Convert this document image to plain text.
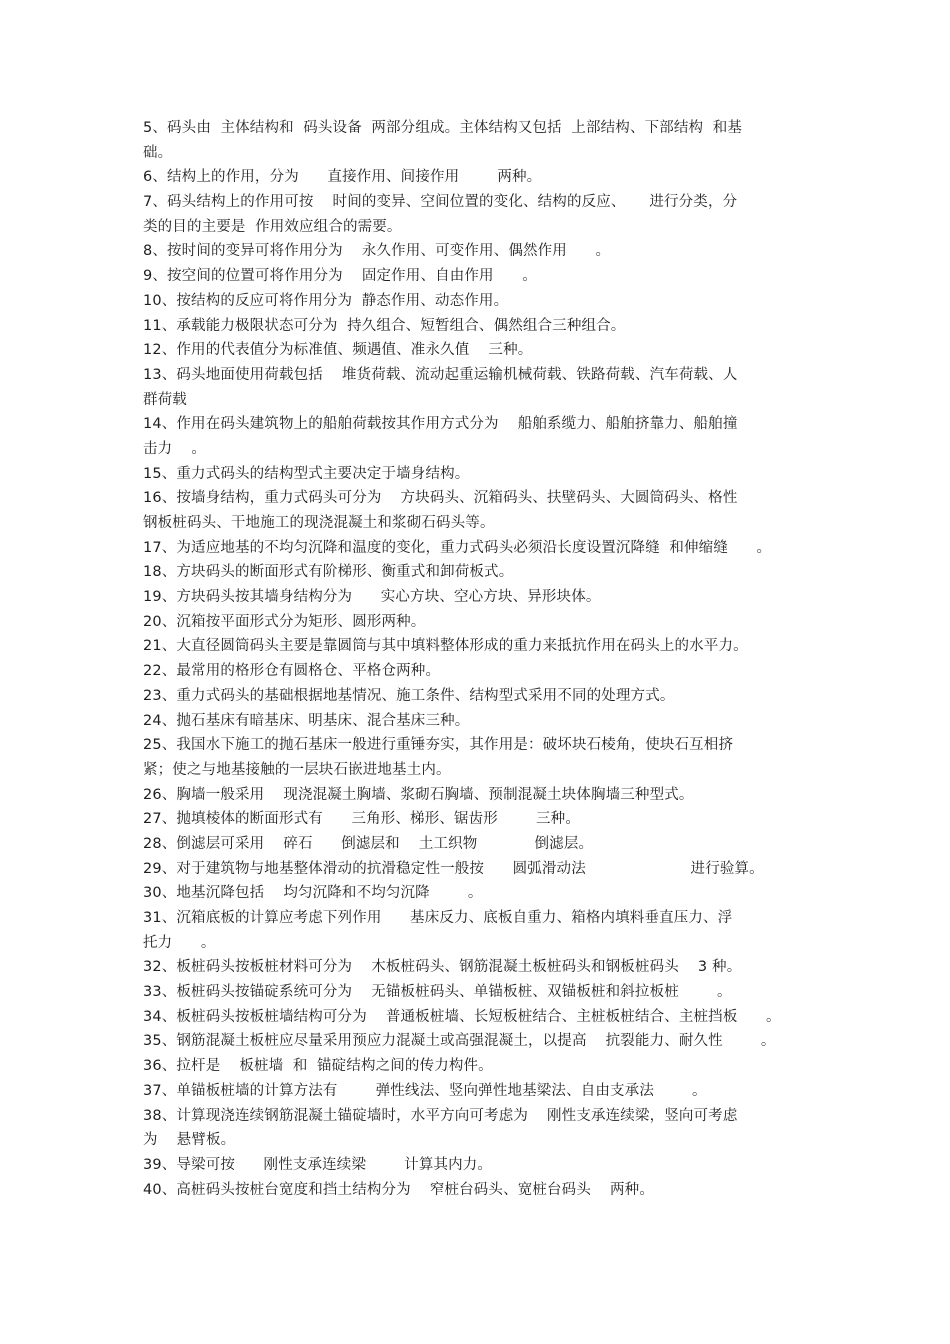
5、码头由  主体结构和  码头设备  两部分组成。主体结构又包括  上部结构、下部结构  和基
础。
6、结构上的作用，分为      直接作用、间接作用        两种。
7、码头结构上的作用可按    时间的变异、空间位置的变化、结构的反应、     进行分类，分
类的目的主要是  作用效应组合的需要。
8、按时间的变异可将作用分为    永久作用、可变作用、偶然作用      。
9、按空间的位置可将作用分为    固定作用、自由作用      。
10、按结构的反应可将作用分为  静态作用、动态作用。
11、承载能力极限状态可分为  持久组合、短暂组合、偶然组合三种组合。
12、作用的代表值分为标准值、频遇值、准永久值    三种。
13、码头地面使用荷载包括    堆货荷载、流动起重运输机械荷载、铁路荷载、汽车荷载、人
群荷载
14、作用在码头建筑物上的船舶荷载按其作用方式分为    船舶系缆力、船舶挤靠力、船舶撞
击力    。
15、重力式码头的结构型式主要决定于墙身结构。
16、按墙身结构，重力式码头可分为    方块码头、沉箱码头、扶壁码头、大圆筒码头、格性
钢板桩码头、干地施工的现浇混凝土和浆砌石码头等。
17、为适应地基的不均匀沉降和温度的变化，重力式码头必须沿长度设置沉降缝  和伸缩缝      。
18、方块码头的断面形式有阶梯形、衡重式和卸荷板式。
19、方块码头按其墙身结构分为      实心方块、空心方块、异形块体。
20、沉箱按平面形式分为矩形、圆形两种。
21、大直径圆筒码头主要是靠圆筒与其中填料整体形成的重力来抵抗作用在码头上的水平力。
22、最常用的格形仓有圆格仓、平格仓两种。
23、重力式码头的基础根据地基情况、施工条件、结构型式采用不同的处理方式。
24、抛石基床有暗基床、明基床、混合基床三种。
25、我国水下施工的抛石基床一般进行重锤夯实，其作用是：破坏块石棱角，使块石互相挤
紧；使之与地基接触的一层块石嵌进地基土内。
26、胸墙一般采用    现浇混凝土胸墙、浆砌石胸墙、预制混凝土块体胸墙三种型式。
27、抛填棱体的断面形式有      三角形、梯形、锯齿形        三种。
28、倒滤层可采用    碎石      倒滤层和    土工织物            倒滤层。
29、对于建筑物与地基整体滑动的抗滑稳定性一般按      圆弧滑动法                      进行验算。
30、地基沉降包括    均匀沉降和不均匀沉降        。
31、沉箱底板的计算应考虑下列作用      基床反力、底板自重力、箱格内填料垂直压力、浮
托力      。
32、板桩码头按板桩材料可分为    木板桩码头、钢筋混凝土板桩码头和钢板桩码头    3 种。
33、板桩码头按锚碇系统可分为    无锚板桩码头、单锚板桩、双锚板桩和斜拉板桩        。
34、板桩码头按板桩墙结构可分为    普通板桩墙、长短板桩结合、主桩板桩结合、主桩挡板      。
35、钢筋混凝土板桩应尽量采用预应力混凝土或高强混凝土，以提高    抗裂能力、耐久性        。
36、拉杆是    板桩墙  和  锚碇结构之间的传力构件。
37、单锚板桩墙的计算方法有        弹性线法、竖向弹性地基梁法、自由支承法        。
38、计算现浇连续钢筋混凝土锚碇墙时，水平方向可考虑为    刚性支承连续梁，竖向可考虑
为    悬臂板。
39、导梁可按      刚性支承连续梁        计算其内力。
40、高桩码头按桩台宽度和挡土结构分为    窄桩台码头、宽桩台码头    两种。
